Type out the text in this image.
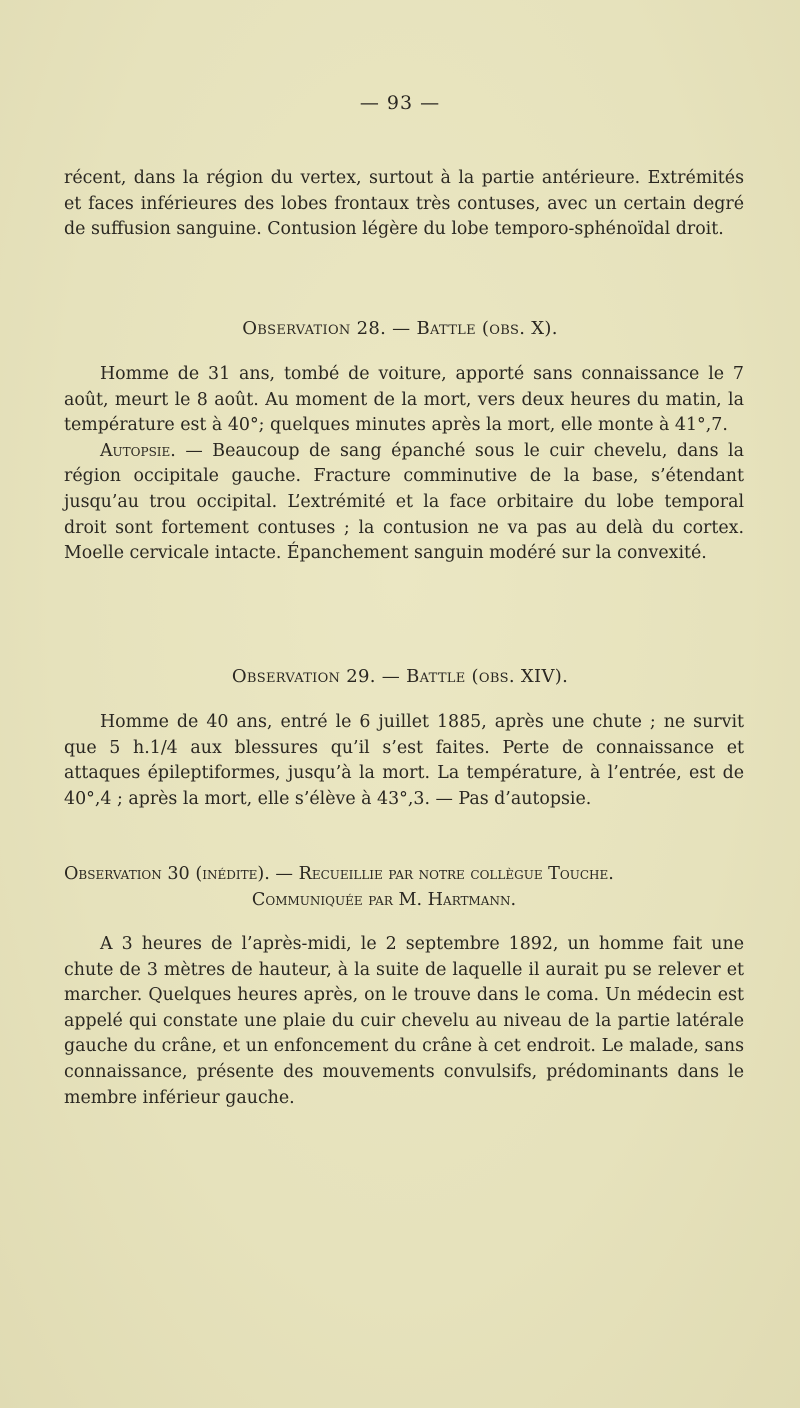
— 93 —

récent, dans la région du vertex, surtout à la partie antérieure. Extrémités et faces inférieures des lobes frontaux très contuses, avec un certain degré de suffusion sanguine. Contusion légère du lobe temporo-sphénoïdal droit.

Observation 28. — Battle (obs. X).

Homme de 31 ans, tombé de voiture, apporté sans connaissance le 7 août, meurt le 8 août. Au moment de la mort, vers deux heures du matin, la température est à 40°; quelques minutes après la mort, elle monte à 41°,7.

Autopsie. — Beaucoup de sang épanché sous le cuir chevelu, dans la région occipitale gauche. Fracture comminutive de la base, s’étendant jusqu’au trou occipital. L’extrémité et la face orbitaire du lobe temporal droit sont fortement contuses ; la contusion ne va pas au delà du cortex. Moelle cervicale intacte. Épanchement sanguin modéré sur la convexité.

Observation 29. — Battle (obs. XIV).

Homme de 40 ans, entré le 6 juillet 1885, après une chute ; ne survit que 5 h.1/4 aux blessures qu’il s’est faites. Perte de connaissance et attaques épileptiformes, jusqu’à la mort. La température, à l’entrée, est de 40°,4 ; après la mort, elle s’élève à 43°,3. — Pas d’autopsie.

Observation 30 (inédite). — Recueillie par notre collègue Touche.
Communiquée par M. Hartmann.

A 3 heures de l’après-midi, le 2 septembre 1892, un homme fait une chute de 3 mètres de hauteur, à la suite de laquelle il aurait pu se relever et marcher. Quelques heures après, on le trouve dans le coma. Un médecin est appelé qui constate une plaie du cuir chevelu au niveau de la partie latérale gauche du crâne, et un enfoncement du crâne à cet endroit. Le malade, sans connaissance, présente des mouvements convulsifs, prédominants dans le membre inférieur gauche.
